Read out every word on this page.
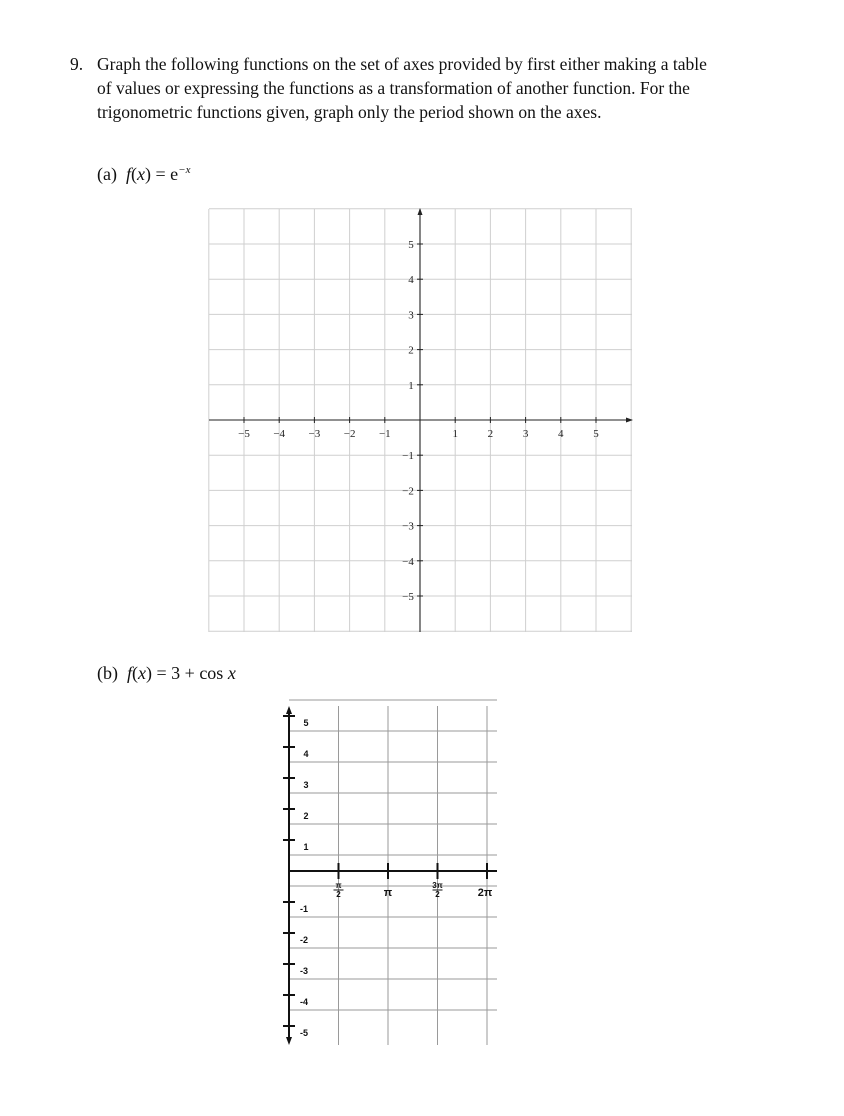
9. Graph the following functions on the set of axes provided by first either making a table of values or expressing the functions as a transformation of another function. For the trigonometric functions given, graph only the period shown on the axes.
(a) $f(x) = e^{-x}$
−5 −4 −3 −2 −1	1	2	3	4	5
5
4
3
2
1
−1
−2
−3
−4
−5
(b) f(x) = 3 + cos x
5
4
3
2
1
-1
-2
-3
-4
-5
π
2	π
3π
2	2π
